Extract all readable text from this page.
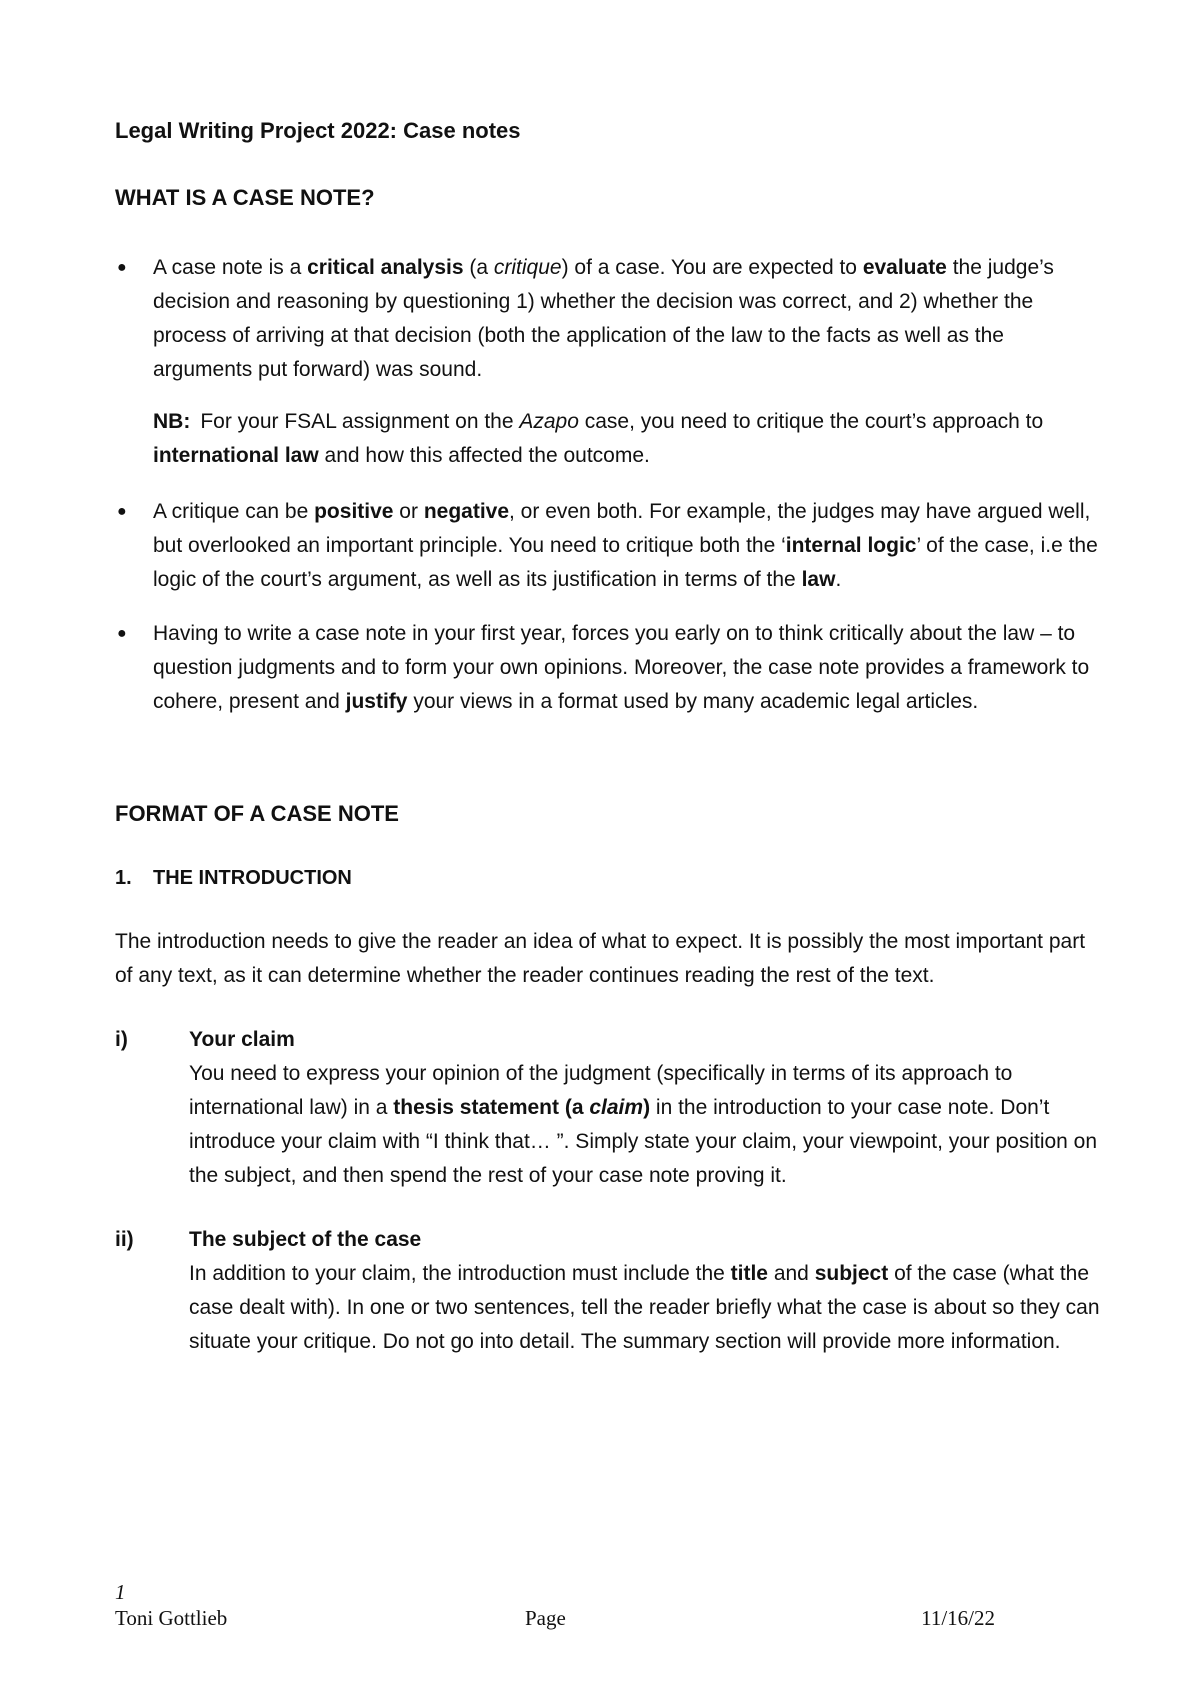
Legal Writing Project 2022: Case notes

WHAT IS A CASE NOTE?

● A case note is a critical analysis (a critique) of a case. You are expected to evaluate the judge’s decision and reasoning by questioning 1) whether the decision was correct, and 2) whether the process of arriving at that decision (both the application of the law to the facts as well as the arguments put forward) was sound.
NB: For your FSAL assignment on the Azapo case, you need to critique the court’s approach to international law and how this affected the outcome.
● A critique can be positive or negative, or even both. For example, the judges may have argued well, but overlooked an important principle. You need to critique both the ‘internal logic’ of the case, i.e the logic of the court’s argument, as well as its justification in terms of the law.
● Having to write a case note in your first year, forces you early on to think critically about the law – to question judgments and to form your own opinions. Moreover, the case note provides a framework to cohere, present and justify your views in a format used by many academic legal articles.

FORMAT OF A CASE NOTE

1. THE INTRODUCTION

The introduction needs to give the reader an idea of what to expect. It is possibly the most important part of any text, as it can determine whether the reader continues reading the rest of the text.

i)	Your claim
You need to express your opinion of the judgment (specifically in terms of its approach to international law) in a thesis statement (a claim) in the introduction to your case note. Don’t introduce your claim with “I think that… ”. Simply state your claim, your viewpoint, your position on the subject, and then spend the rest of your case note proving it.
ii)	The subject of the case
In addition to your claim, the introduction must include the title and subject of the case (what the case dealt with). In one or two sentences, tell the reader briefly what the case is about so they can situate your critique. Do not go into detail. The summary section will provide more information.
1
Toni Gottlieb	Page	11/16/22
